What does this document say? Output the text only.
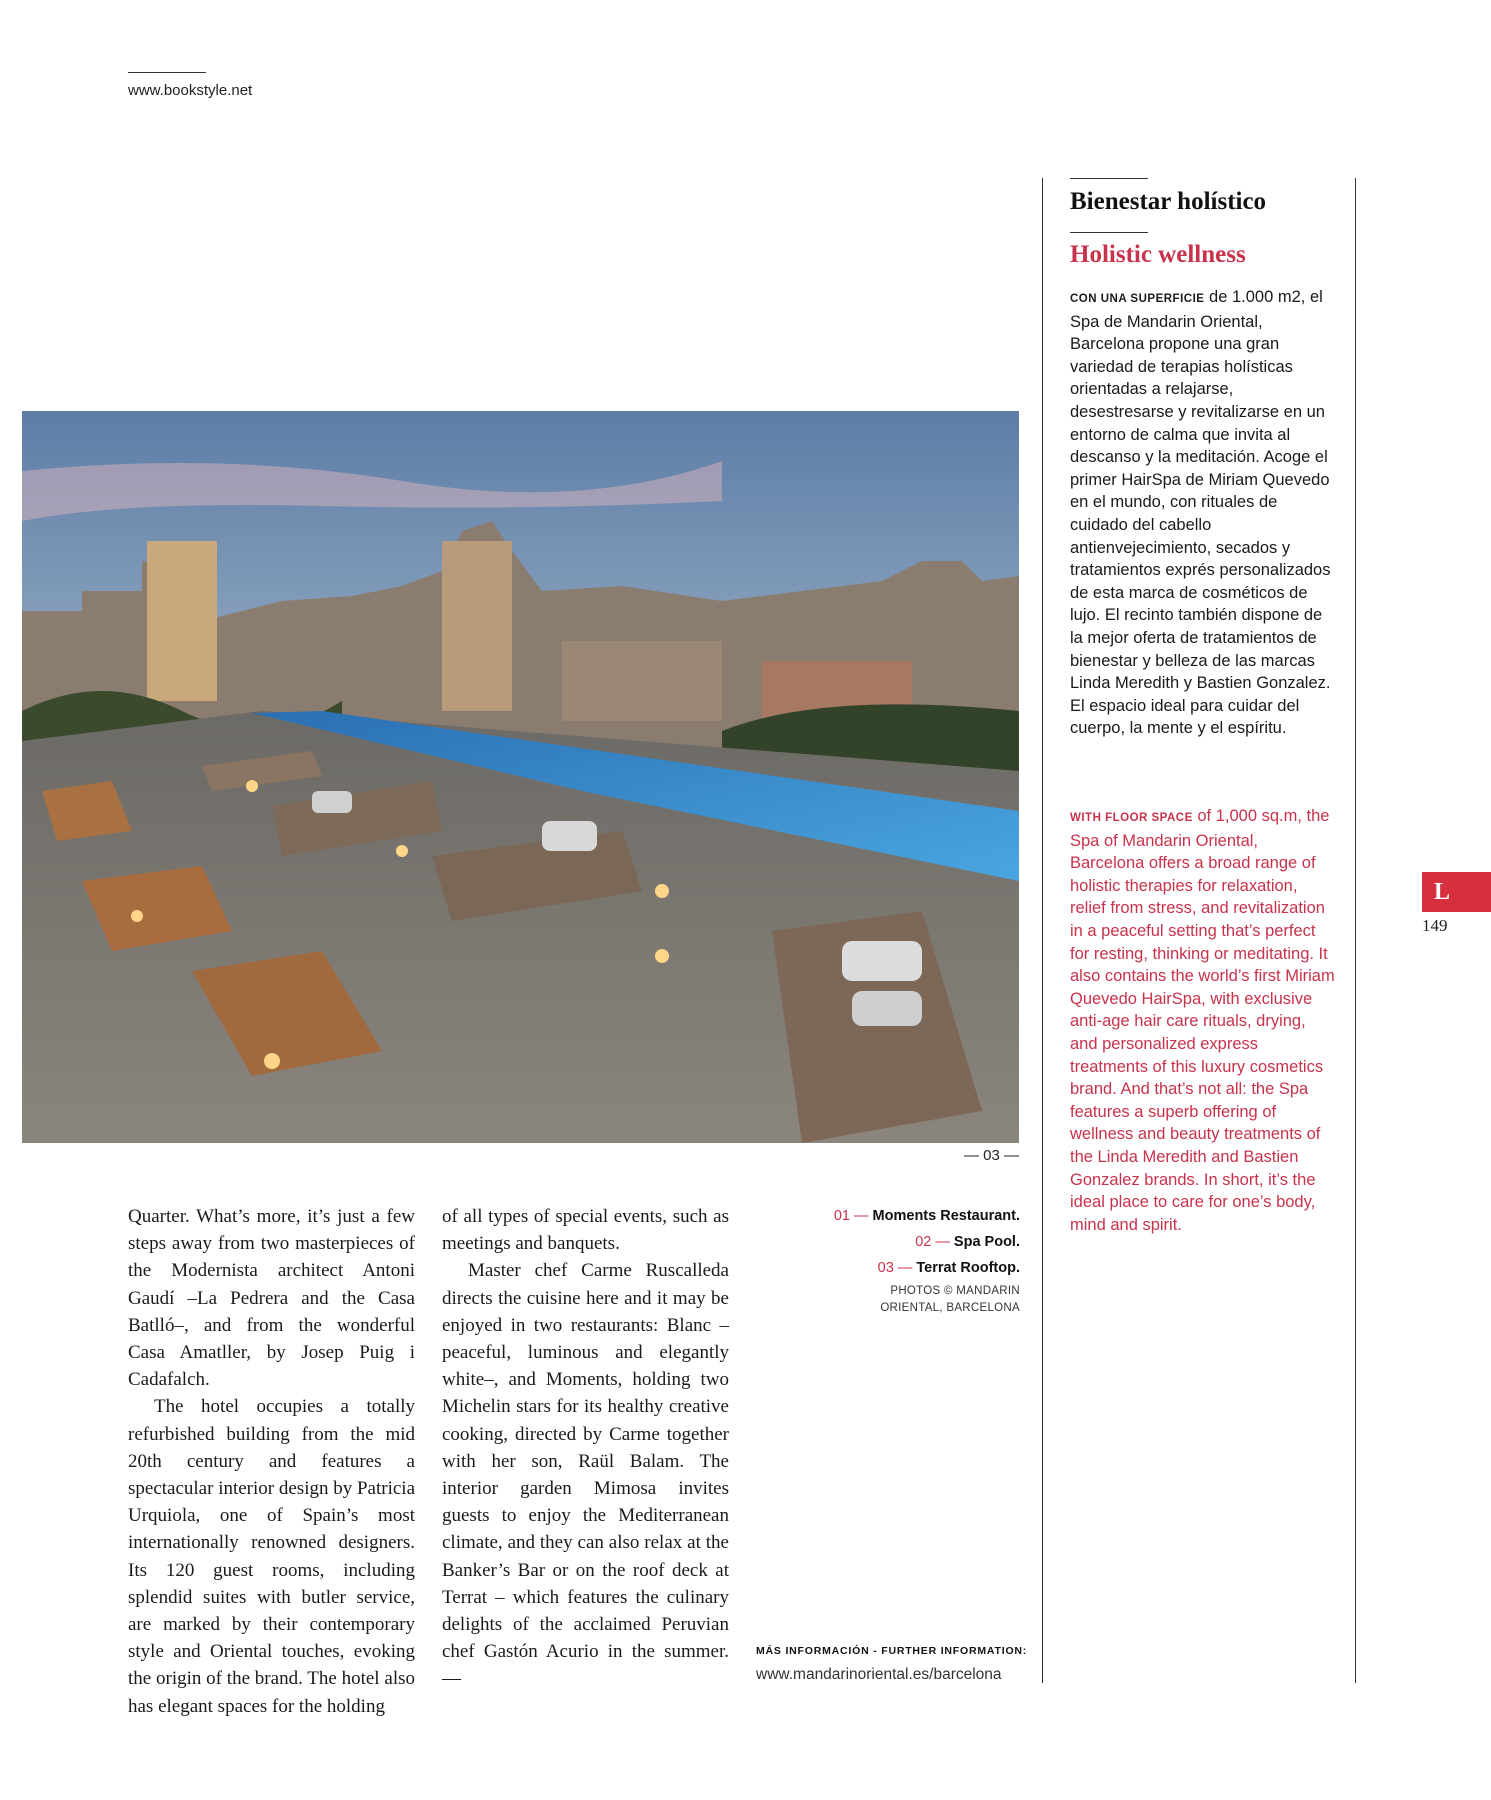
www.bookstyle.net
— 03 —

Quarter. What’s more, it’s just a few steps away from two masterpieces of the Modernista architect Antoni Gaudí –La Pedrera and the Casa Batlló–, and from the wonderful Casa Amatller, by Josep Puig i Cadafalch.

The hotel occupies a totally refurbished building from the mid 20th century and features a spectacular interior design by Patricia Urquiola, one of Spain’s most internationally renowned designers. Its 120 guest rooms, including splendid suites with butler service, are marked by their contemporary style and Oriental touches, evoking the origin of the brand. The hotel also has elegant spaces for the holding

of all types of special events, such as meetings and banquets.

Master chef Carme Ruscalleda directs the cuisine here and it may be enjoyed in two restaurants: Blanc –peaceful, luminous and elegantly white–, and Moments, holding two Michelin stars for its healthy creative cooking, directed by Carme together with her son, Raül Balam. The interior garden Mimosa invites guests to enjoy the Mediterranean climate, and they can also relax at the Banker’s Bar or on the roof deck at Terrat – which features the culinary delights of the acclaimed Peruvian chef Gastón Acurio in the summer. —

01 — Moments Restaurant.
02 — Spa Pool.
03 — Terrat Rooftop.
PHOTOS © MANDARIN
ORIENTAL, BARCELONA
MÁS INFORMACIÓN - FURTHER INFORMATION:
www.mandarinoriental.es/barcelona
Bienestar holístico
Holistic wellness
CON UNA SUPERFICIE de 1.000 m2, el Spa de Mandarin Oriental, Barcelona propone una gran variedad de terapias holísticas orientadas a relajarse, desestresarse y revitalizarse en un entorno de calma que invita al descanso y la meditación. Acoge el primer HairSpa de Miriam Quevedo en el mundo, con rituales de cuidado del cabello antienvejecimiento, secados y tratamientos exprés personalizados de esta marca de cosméticos de lujo. El recinto también dispone de la mejor oferta de tratamientos de bienestar y belleza de las marcas Linda Meredith y Bastien Gonzalez. El espacio ideal para cuidar del cuerpo, la mente y el espíritu.
WITH FLOOR SPACE of 1,000 sq.m, the Spa of Mandarin Oriental, Barcelona offers a broad range of holistic therapies for relaxation, relief from stress, and revitalization in a peaceful setting that’s perfect for resting, thinking or meditating. It also contains the world’s first Miriam Quevedo HairSpa, with exclusive anti-age hair care rituals, drying, and personalized express treatments of this luxury cosmetics brand. And that’s not all: the Spa features a superb offering of wellness and beauty treatments of the Linda Meredith and Bastien Gonzalez brands. In short, it’s the ideal place to care for one’s body, mind and spirit.
L
149
